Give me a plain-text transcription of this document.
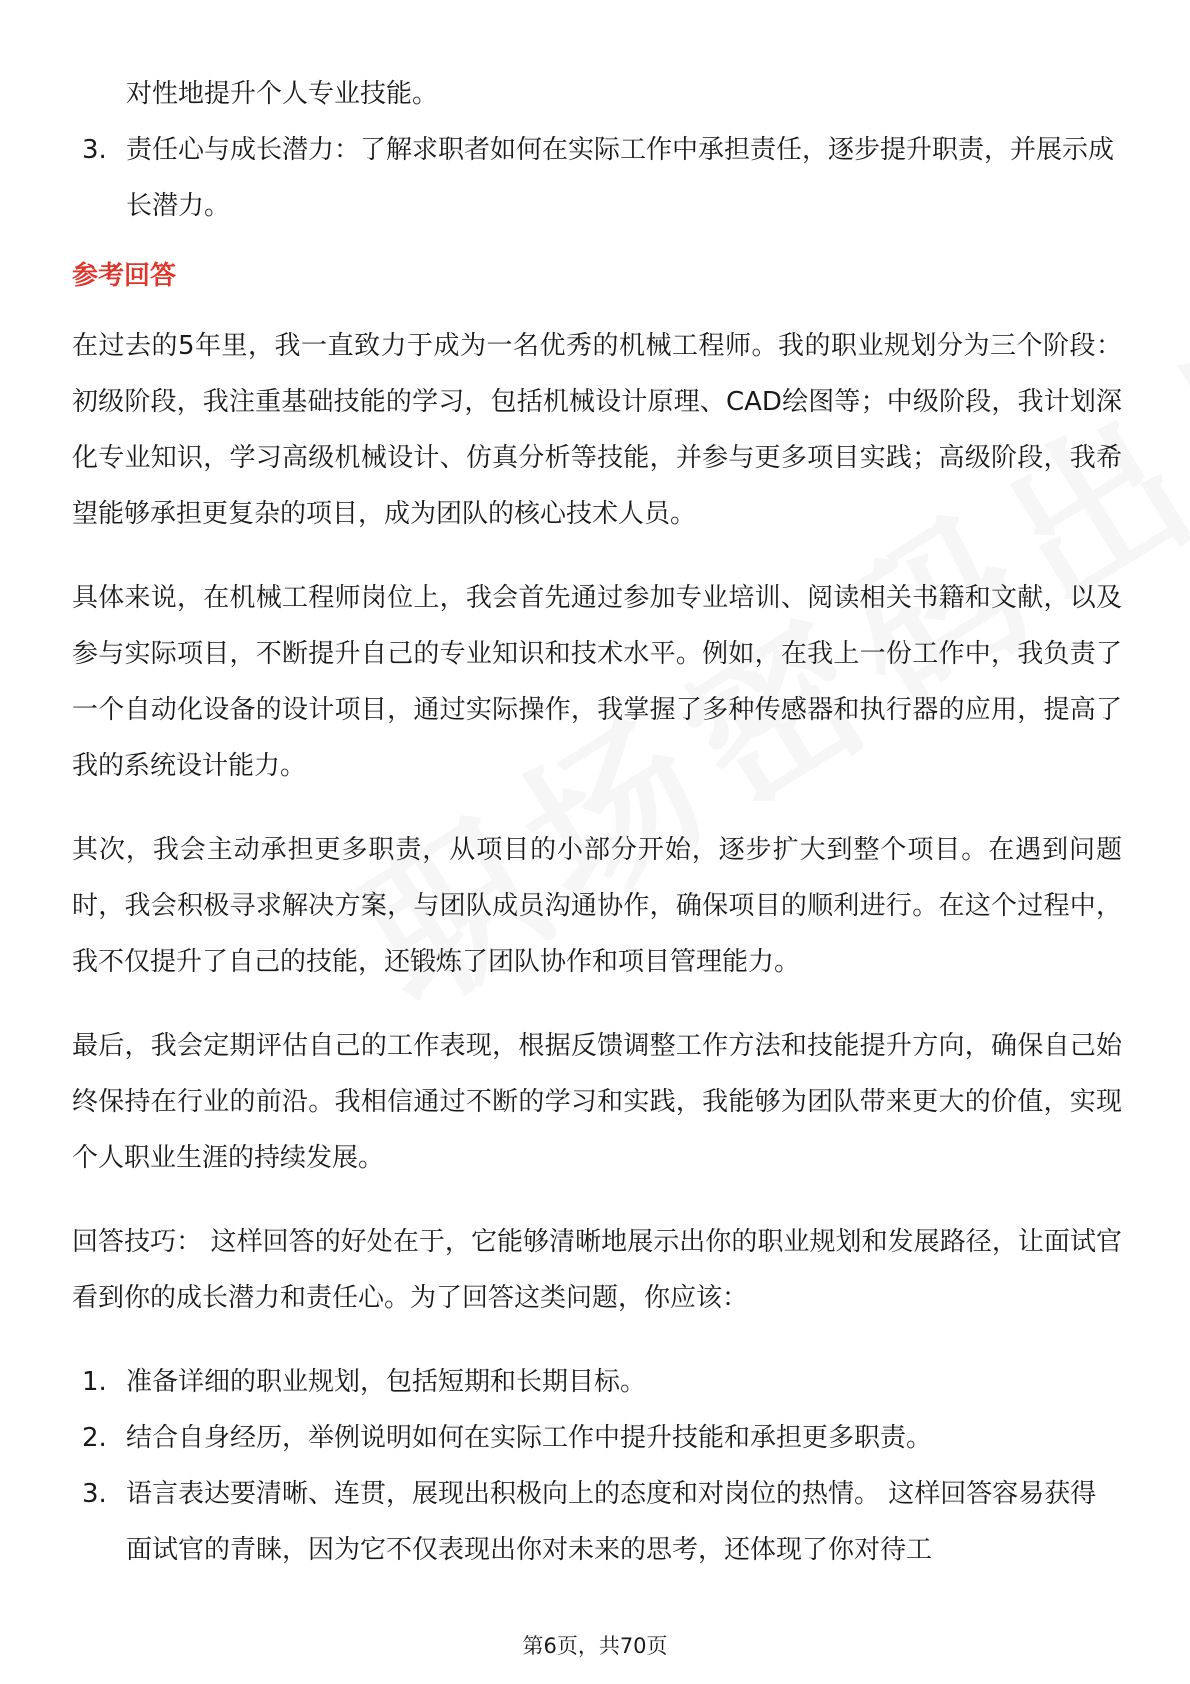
对性地提升个人专业技能。
3. 责任心与成长潜力：了解求职者如何在实际工作中承担责任，逐步提升职责，并展示成长潜力。
参考回答

在过去的5年里，我一直致力于成为一名优秀的机械工程师。我的职业规划分为三个阶段：初级阶段，我注重基础技能的学习，包括机械设计原理、CAD绘图等；中级阶段，我计划深化专业知识，学习高级机械设计、仿真分析等技能，并参与更多项目实践；高级阶段，我希望能够承担更复杂的项目，成为团队的核心技术人员。

具体来说，在机械工程师岗位上，我会首先通过参加专业培训、阅读相关书籍和文献，以及参与实际项目，不断提升自己的专业知识和技术水平。例如，在我上一份工作中，我负责了一个自动化设备的设计项目，通过实际操作，我掌握了多种传感器和执行器的应用，提高了我的系统设计能力。

其次，我会主动承担更多职责，从项目的小部分开始，逐步扩大到整个项目。在遇到问题时，我会积极寻求解决方案，与团队成员沟通协作，确保项目的顺利进行。在这个过程中，我不仅提升了自己的技能，还锻炼了团队协作和项目管理能力。

最后，我会定期评估自己的工作表现，根据反馈调整工作方法和技能提升方向，确保自己始终保持在行业的前沿。我相信通过不断的学习和实践，我能够为团队带来更大的价值，实现个人职业生涯的持续发展。

回答技巧： 这样回答的好处在于，它能够清晰地展示出你的职业规划和发展路径，让面试官看到你的成长潜力和责任心。为了回答这类问题，你应该：

1. 准备详细的职业规划，包括短期和长期目标。
2. 结合自身经历，举例说明如何在实际工作中提升技能和承担更多职责。
3. 语言表达要清晰、连贯，展现出积极向上的态度和对岗位的热情。 这样回答容易获得面试官的青睐，因为它不仅表现出你对未来的思考，还体现了你对待工
第6页，共70页
